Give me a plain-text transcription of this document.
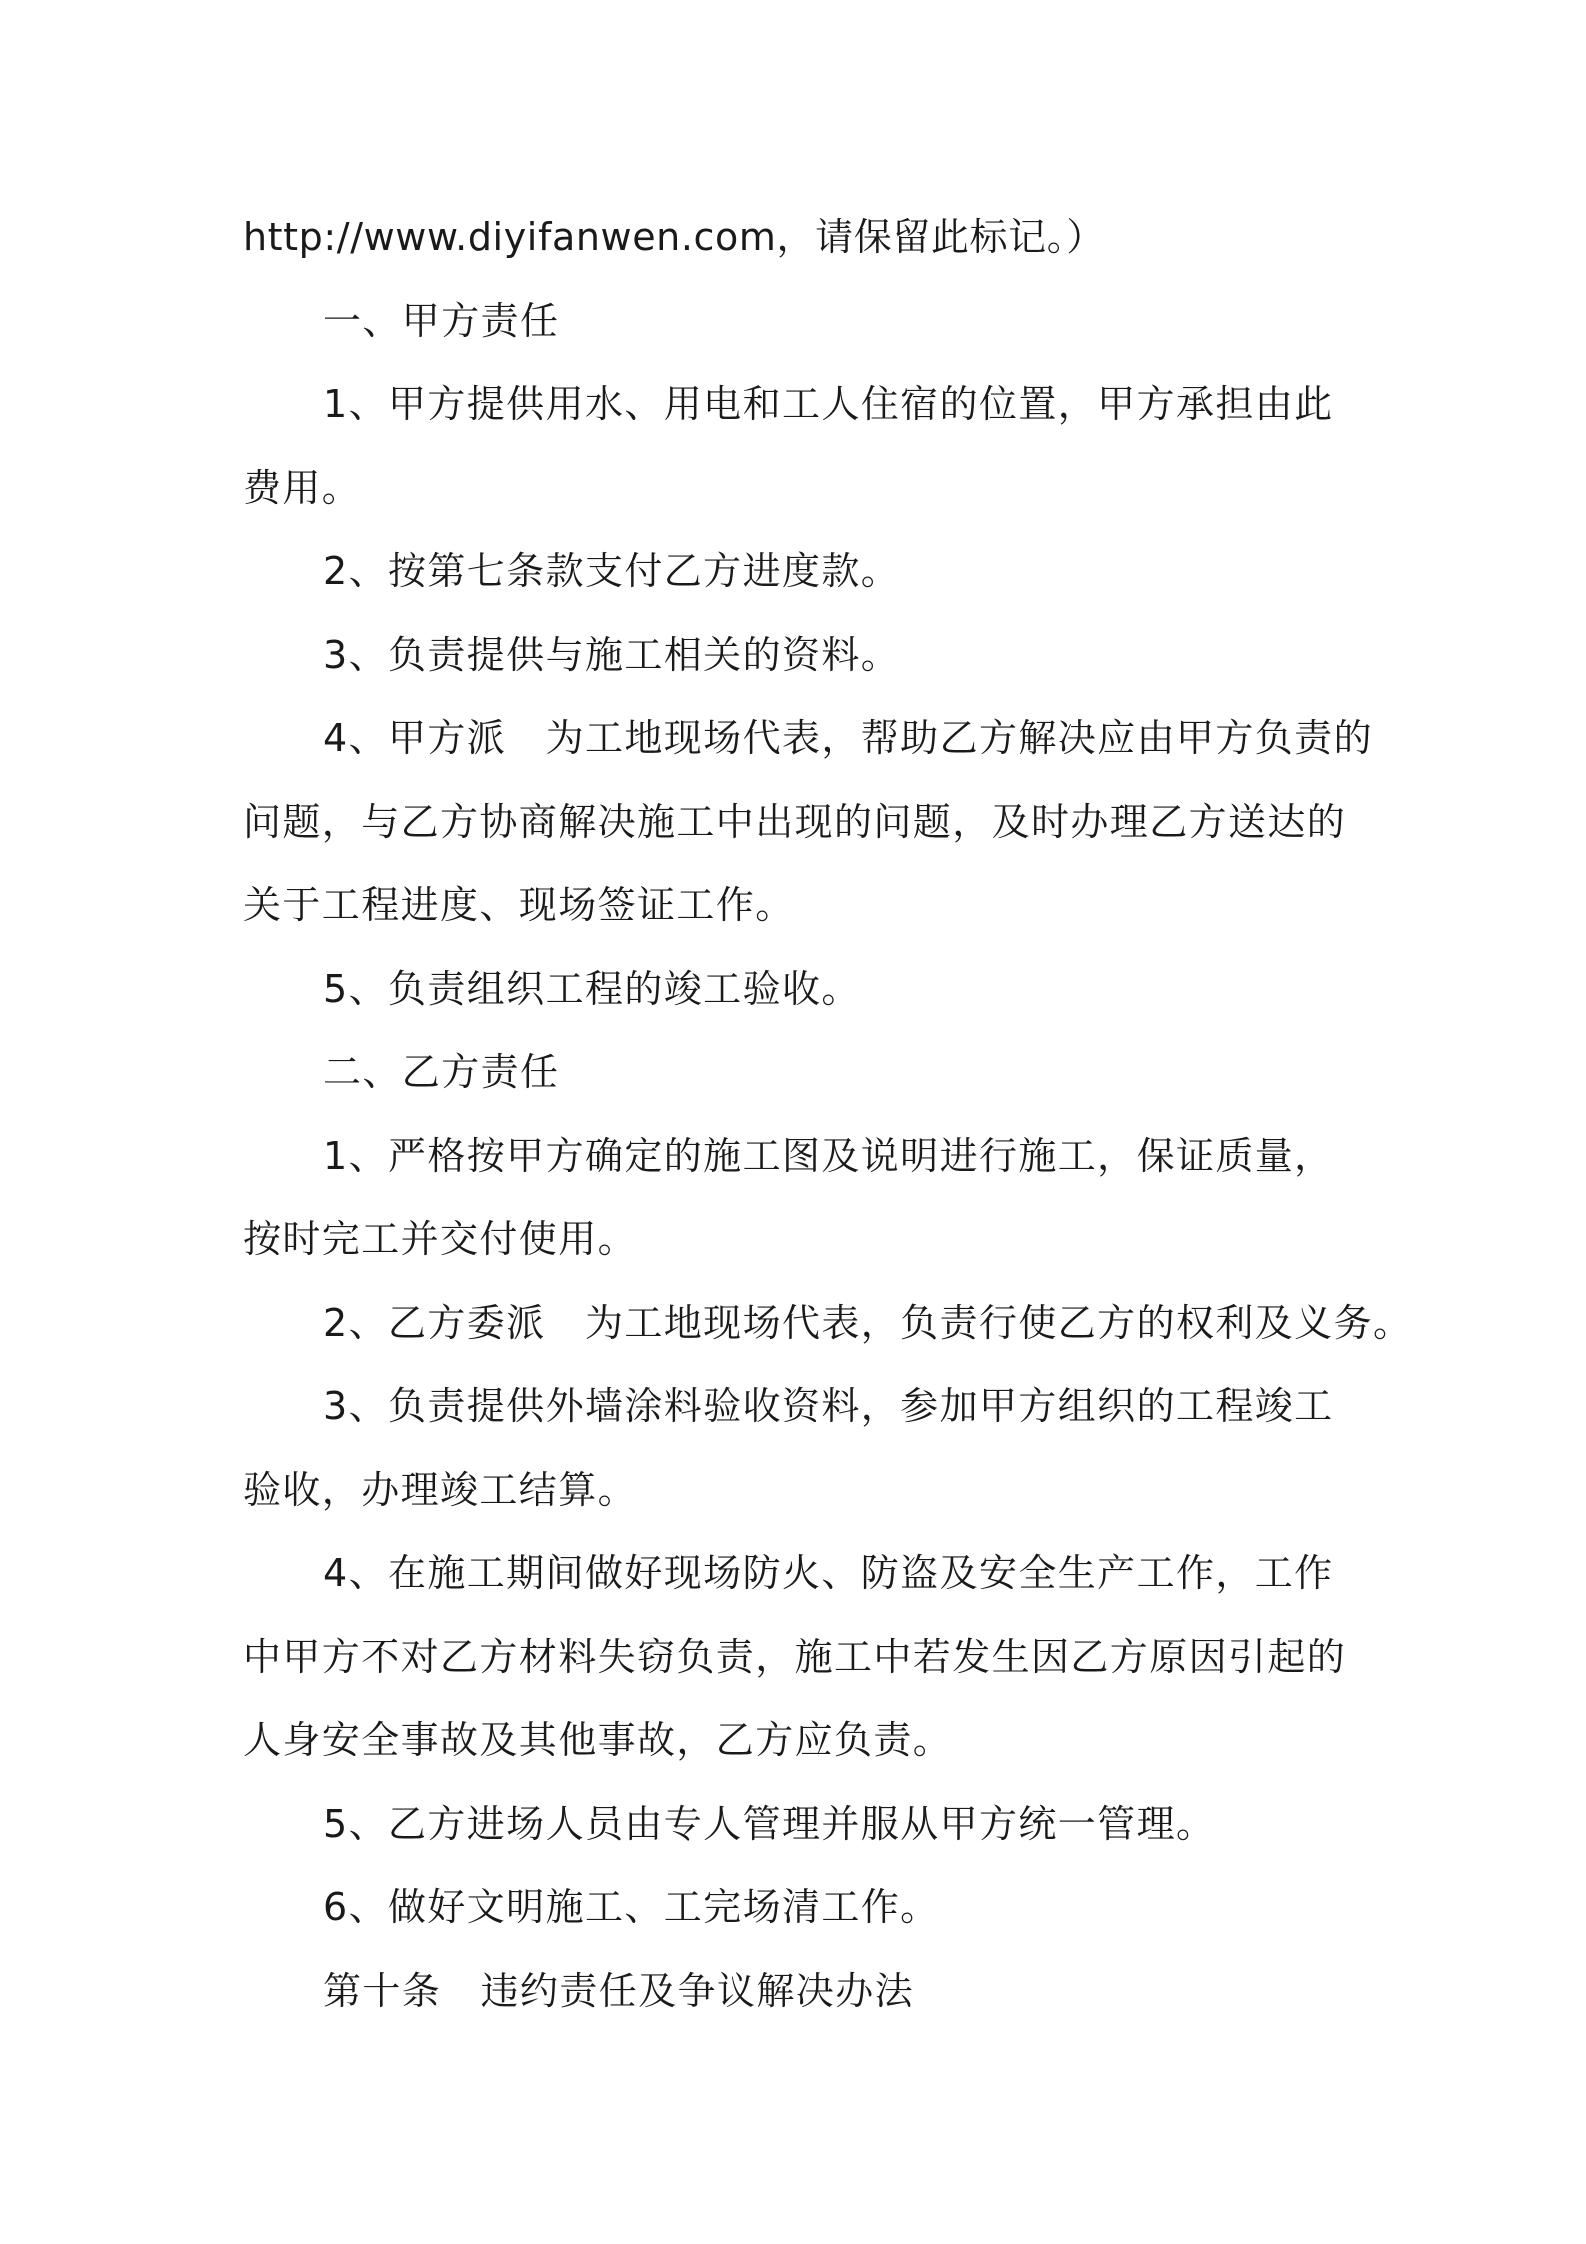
http://www.diyifanwen.com，请保留此标记。）
一、甲方责任
1、甲方提供用水、用电和工人住宿的位置，甲方承担由此
费用。
2、按第七条款支付乙方进度款。
3、负责提供与施工相关的资料。
4、甲方派　为工地现场代表，帮助乙方解决应由甲方负责的
问题，与乙方协商解决施工中出现的问题，及时办理乙方送达的
关于工程进度、现场签证工作。
5、负责组织工程的竣工验收。
二、乙方责任
1、严格按甲方确定的施工图及说明进行施工，保证质量，
按时完工并交付使用。
2、乙方委派　为工地现场代表，负责行使乙方的权利及义务。
3、负责提供外墙涂料验收资料，参加甲方组织的工程竣工
验收，办理竣工结算。
4、在施工期间做好现场防火、防盗及安全生产工作，工作
中甲方不对乙方材料失窃负责，施工中若发生因乙方原因引起的
人身安全事故及其他事故，乙方应负责。
5、乙方进场人员由专人管理并服从甲方统一管理。
6、做好文明施工、工完场清工作。
第十条　违约责任及争议解决办法
